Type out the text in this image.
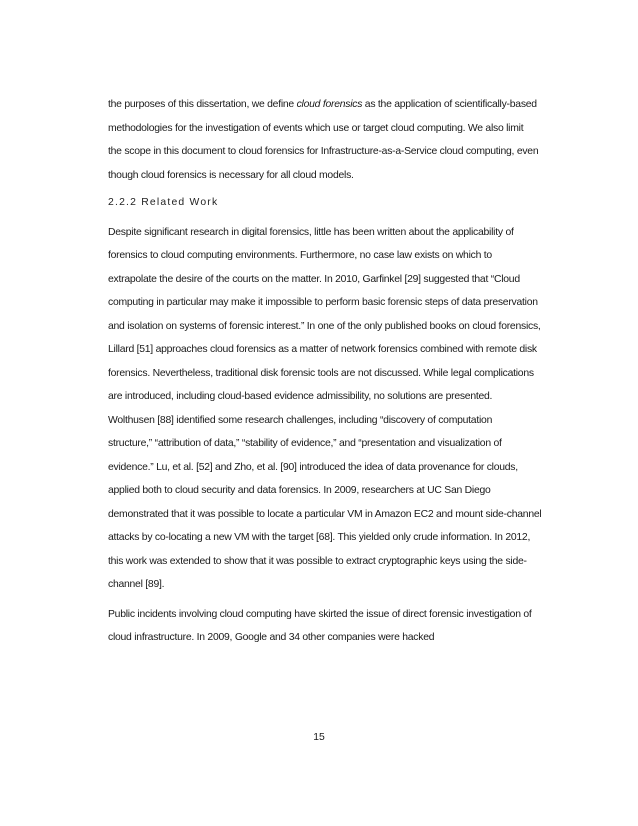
the purposes of this dissertation, we define cloud forensics as the application of scientifically-based
methodologies for the investigation of events which use or target cloud computing. We also limit
the scope in this document to cloud forensics for Infrastructure-as-a-Service cloud computing, even
though cloud forensics is necessary for all cloud models.
2.2.2 Related Work
Despite significant research in digital forensics, little has been written about the applicability of
forensics to cloud computing environments. Furthermore, no case law exists on which to
extrapolate the desire of the courts on the matter. In 2010, Garfinkel [29] suggested that “Cloud
computing in particular may make it impossible to perform basic forensic steps of data preservation
and isolation on systems of forensic interest.” In one of the only published books on cloud forensics,
Lillard [51] approaches cloud forensics as a matter of network forensics combined with remote disk
forensics. Nevertheless, traditional disk forensic tools are not discussed. While legal complications
are introduced, including cloud-based evidence admissibility, no solutions are presented.
Wolthusen [88] identified some research challenges, including “discovery of computation
structure,” “attribution of data,” “stability of evidence,” and “presentation and visualization of
evidence.” Lu, et al. [52] and Zho, et al. [90] introduced the idea of data provenance for clouds,
applied both to cloud security and data forensics. In 2009, researchers at UC San Diego
demonstrated that it was possible to locate a particular VM in Amazon EC2 and mount side-channel
attacks by co-locating a new VM with the target [68]. This yielded only crude information. In 2012,
this work was extended to show that it was possible to extract cryptographic keys using the side-
channel [89].
Public incidents involving cloud computing have skirted the issue of direct forensic investigation of
cloud infrastructure. In 2009, Google and 34 other companies were hacked
15
